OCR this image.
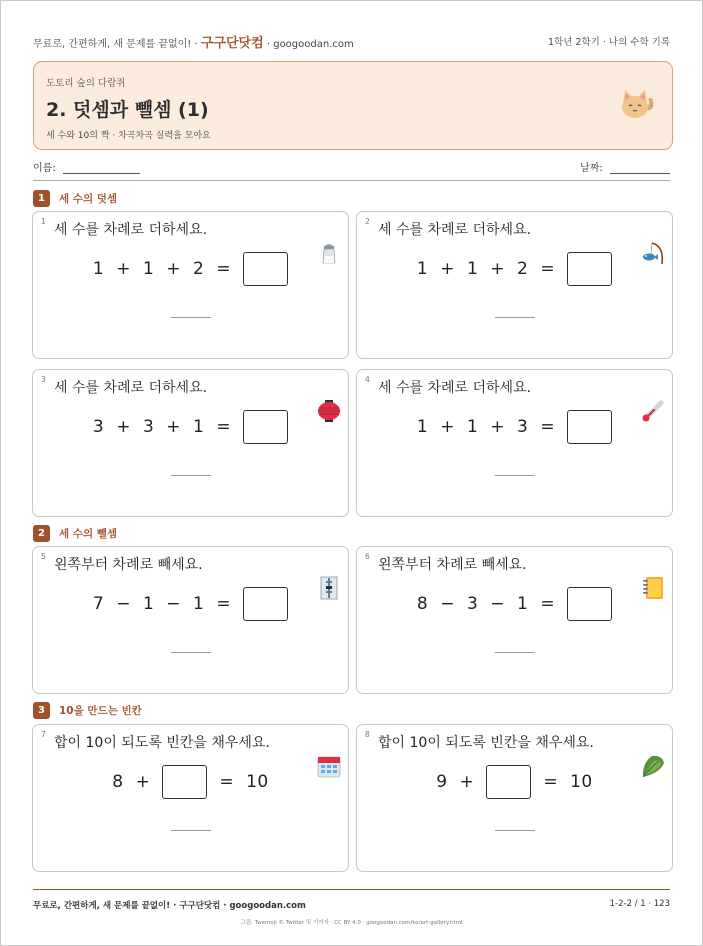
무료로, 간편하게, 새 문제를 끝없이! · 구구단닷컴 · googoodan.com	1학년 2학기 · 나의 수학 기록
도토리 숲의 다람쥐
2. 덧셈과 뺄셈 (1)
세 수와 10의 짝 · 차곡차곡 실력을 모아요
이름:	날짜:
1	세 수의 덧셈
1
세 수를 차례로 더하세요.
1 + 1 + 2 =
2
세 수를 차례로 더하세요.
1 + 1 + 2 =
3
세 수를 차례로 더하세요.
3 + 3 + 1 =
4
세 수를 차례로 더하세요.
1 + 1 + 3 =
2	세 수의 뺄셈
5
왼쪽부터 차례로 빼세요.
7 − 1 − 1 =
6
왼쪽부터 차례로 빼세요.
8 − 3 − 1 =
3	10을 만드는 빈칸
7
합이 10이 되도록 빈칸을 채우세요.
8 +	= 10
8
합이 10이 되도록 빈칸을 채우세요.
9 +	= 10
무료로, 간편하게, 새 문제를 끝없이! · 구구단닷컴 · googoodan.com	1-2-2 / 1 · 123
그림: Twemoji © Twitter 및 기여자 · CC BY 4.0 · googoodan.com/ko/art-gallery.html
